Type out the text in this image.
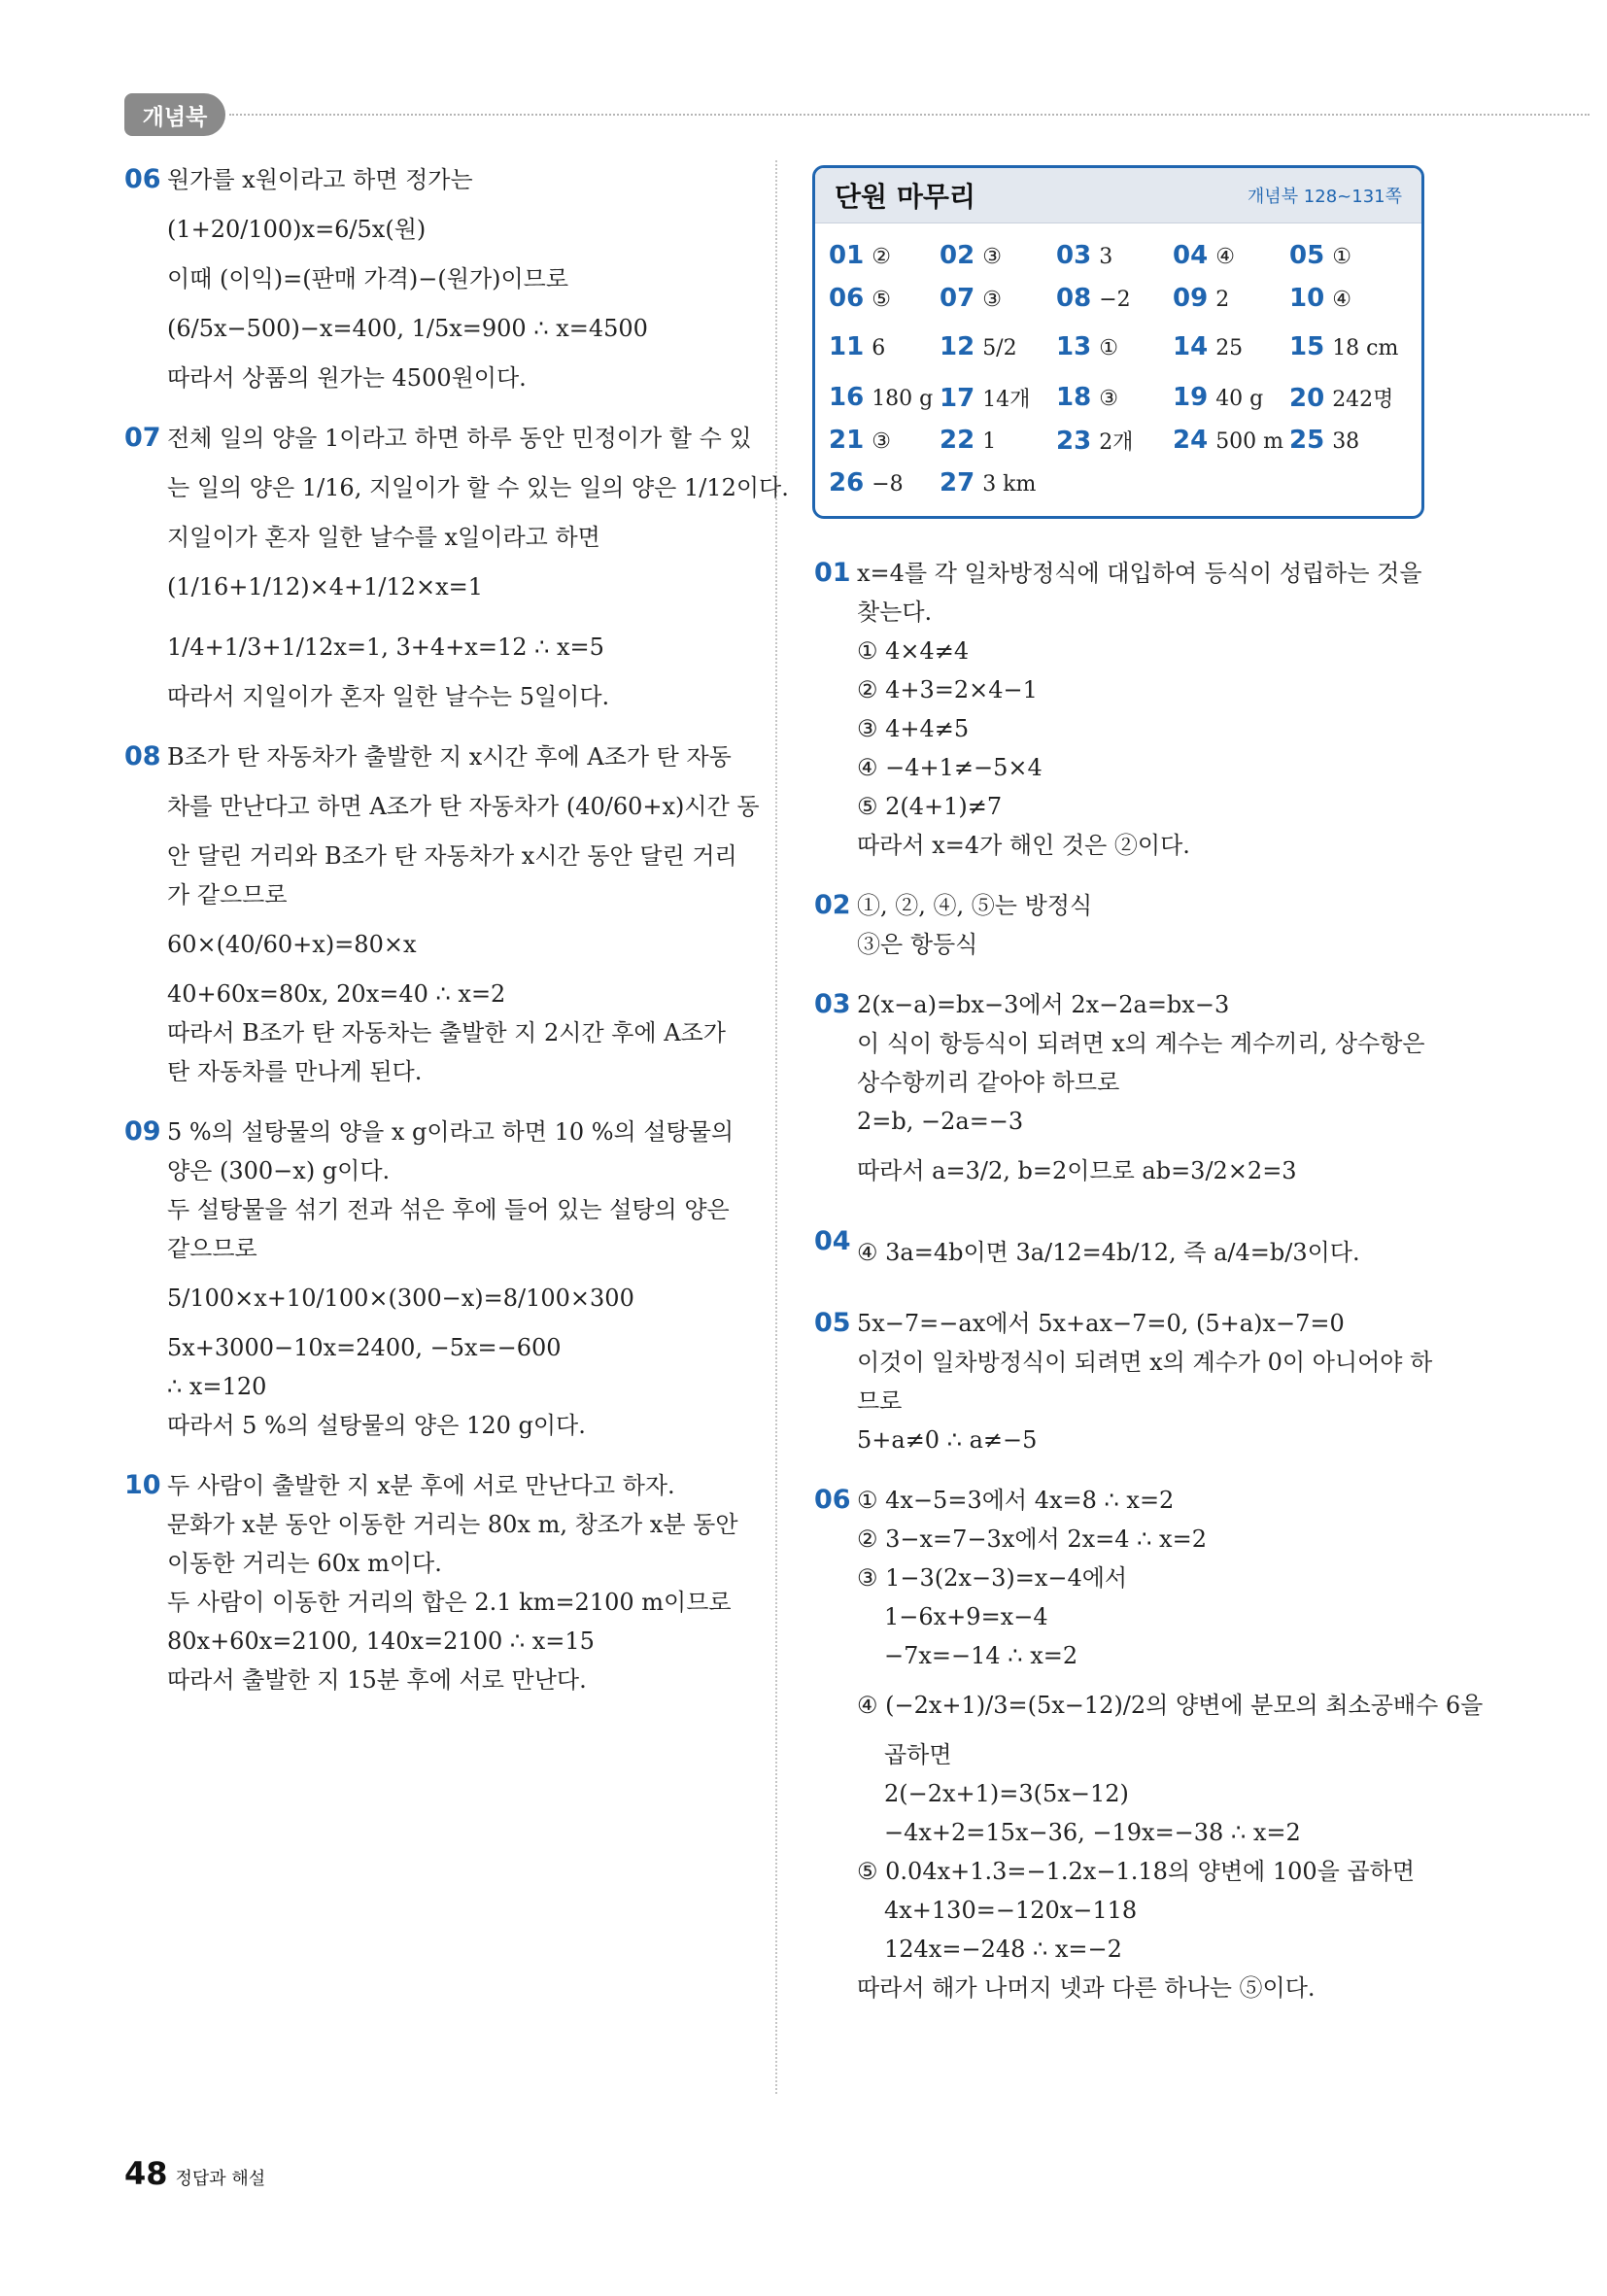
개념북
06 원가를 x원이라고 하면 정가는
(1+20/100)x=6/5x(원)
이때 (이익)=(판매 가격)−(원가)이므로
(6/5x−500)−x=400, 1/5x=900 ∴ x=4500
따라서 상품의 원가는 4500원이다.
07 전체 일의 양을 1이라고 하면 하루 동안 민정이가 할 수 있
는 일의 양은 1/16, 지일이가 할 수 있는 일의 양은 1/12이다.
지일이가 혼자 일한 날수를 x일이라고 하면
(1/16+1/12)×4+1/12×x=1
1/4+1/3+1/12x=1, 3+4+x=12 ∴ x=5
따라서 지일이가 혼자 일한 날수는 5일이다.
08 B조가 탄 자동차가 출발한 지 x시간 후에 A조가 탄 자동
차를 만난다고 하면 A조가 탄 자동차가 (40/60+x)시간 동
안 달린 거리와 B조가 탄 자동차가 x시간 동안 달린 거리
가 같으므로
60×(40/60+x)=80×x
40+60x=80x, 20x=40 ∴ x=2
따라서 B조가 탄 자동차는 출발한 지 2시간 후에 A조가
탄 자동차를 만나게 된다.
09 5 %의 설탕물의 양을 x g이라고 하면 10 %의 설탕물의
양은 (300−x) g이다.
두 설탕물을 섞기 전과 섞은 후에 들어 있는 설탕의 양은
같으므로
5/100×x+10/100×(300−x)=8/100×300
5x+3000−10x=2400, −5x=−600
∴ x=120
따라서 5 %의 설탕물의 양은 120 g이다.
10 두 사람이 출발한 지 x분 후에 서로 만난다고 하자.
문화가 x분 동안 이동한 거리는 80x m, 창조가 x분 동안
이동한 거리는 60x m이다.
두 사람이 이동한 거리의 합은 2.1 km=2100 m이므로
80x+60x=2100, 140x=2100 ∴ x=15
따라서 출발한 지 15분 후에 서로 만난다.
단원 마무리	개념북 128~131쪽
01 ② 02 ③ 03 3 04 ④ 05 ①
06 ⑤ 07 ③ 08 −2 09 2 10 ④
11 6 12 5/2 13 ① 14 25 15 18 cm
16 180 g 17 14개 18 ③ 19 40 g 20 242명
21 ③ 22 1 23 2개 24 500 m 25 38
26 −8 27 3 km
01 x=4를 각 일차방정식에 대입하여 등식이 성립하는 것을
찾는다.
① 4×4≠4
② 4+3=2×4−1
③ 4+4≠5
④ −4+1≠−5×4
⑤ 2(4+1)≠7
따라서 x=4가 해인 것은 ②이다.
02 ①, ②, ④, ⑤는 방정식
③은 항등식
03 2(x−a)=bx−3에서 2x−2a=bx−3
이 식이 항등식이 되려면 x의 계수는 계수끼리, 상수항은
상수항끼리 같아야 하므로
2=b, −2a=−3
따라서 a=3/2, b=2이므로 ab=3/2×2=3
04 ④ 3a=4b이면 3a/12=4b/12, 즉 a/4=b/3이다.
05 5x−7=−ax에서 5x+ax−7=0, (5+a)x−7=0
이것이 일차방정식이 되려면 x의 계수가 0이 아니어야 하
므로
5+a≠0 ∴ a≠−5
06 ① 4x−5=3에서 4x=8 ∴ x=2
② 3−x=7−3x에서 2x=4 ∴ x=2
③ 1−3(2x−3)=x−4에서
1−6x+9=x−4
−7x=−14 ∴ x=2
④ (−2x+1)/3=(5x−12)/2의 양변에 분모의 최소공배수 6을
곱하면
2(−2x+1)=3(5x−12)
−4x+2=15x−36, −19x=−38 ∴ x=2
⑤ 0.04x+1.3=−1.2x−1.18의 양변에 100을 곱하면
4x+130=−120x−118
124x=−248 ∴ x=−2
따라서 해가 나머지 넷과 다른 하나는 ⑤이다.
48 정답과 해설
